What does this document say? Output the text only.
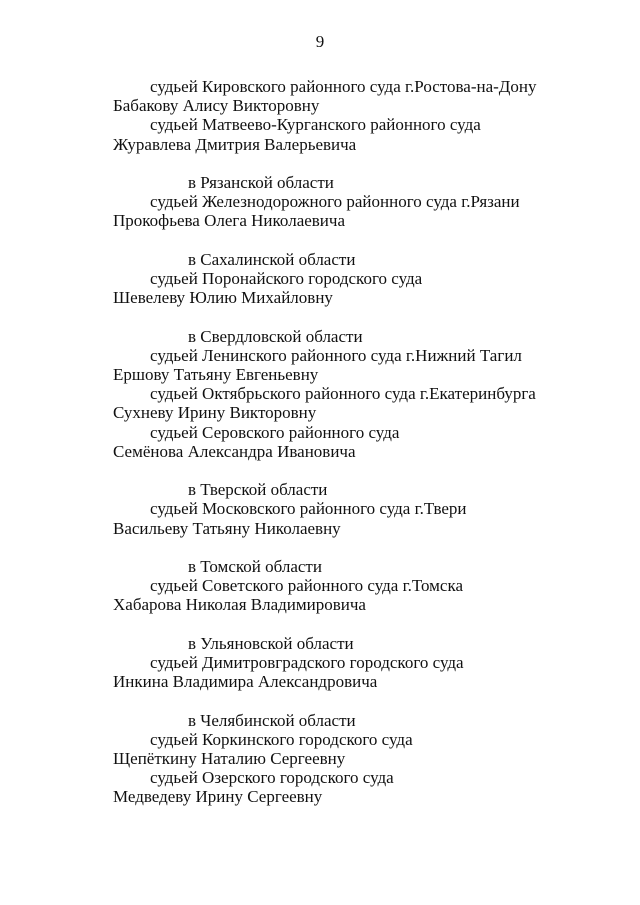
9
судьей Кировского районного суда г.Ростова-на-Дону
Бабакову Алису Викторовну
судьей Матвеево-Курганского районного суда
Журавлева Дмитрия Валерьевича
в Рязанской области
судьей Железнодорожного районного суда г.Рязани
Прокофьева Олега Николаевича
в Сахалинской области
судьей Поронайского городского суда
Шевелеву Юлию Михайловну
в Свердловской области
судьей Ленинского районного суда г.Нижний Тагил
Ершову Татьяну Евгеньевну
судьей Октябрьского районного суда г.Екатеринбурга
Сухневу Ирину Викторовну
судьей Серовского районного суда
Семёнова Александра Ивановича
в Тверской области
судьей Московского районного суда г.Твери
Васильеву Татьяну Николаевну
в Томской области
судьей Советского районного суда г.Томска
Хабарова Николая Владимировича
в Ульяновской области
судьей Димитровградского городского суда
Инкина Владимира Александровича
в Челябинской области
судьей Коркинского городского суда
Щепёткину Наталию Сергеевну
судьей Озерского городского суда
Медведеву Ирину Сергеевну
